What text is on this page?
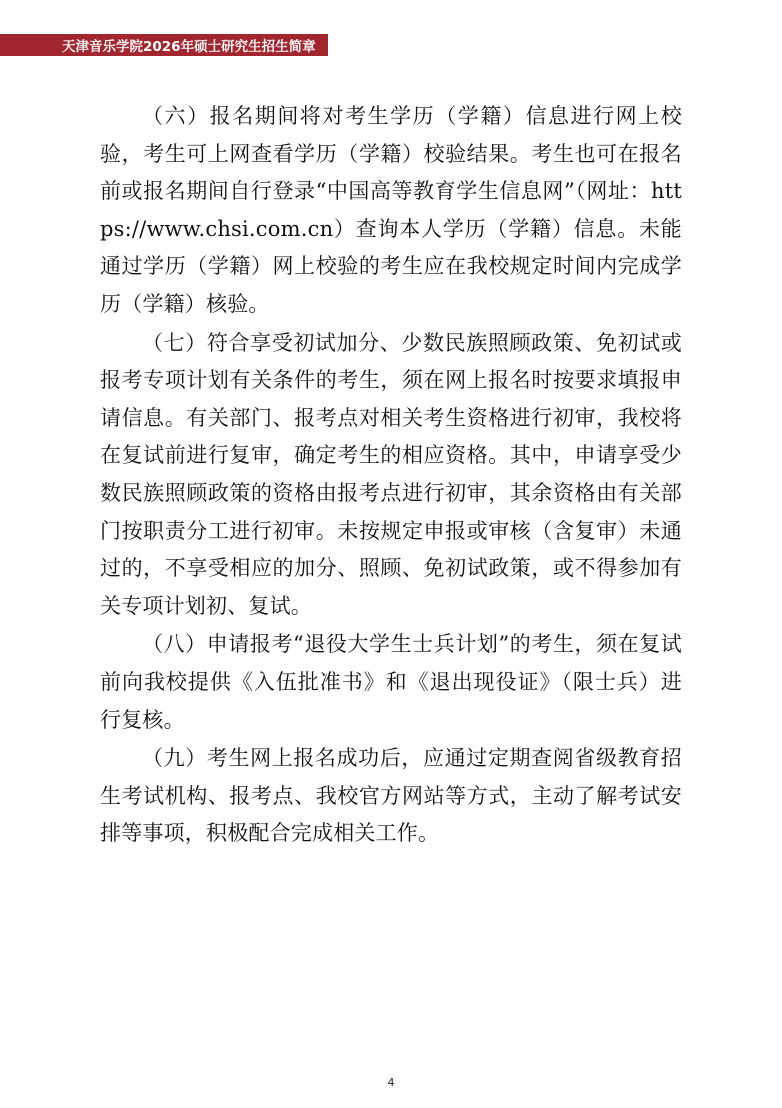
天津音乐学院2026年硕士研究生招生简章

（六）报名期间将对考生学历（学籍）信息进行网上校验，考生可上网查看学历（学籍）校验结果。考生也可在报名前或报名期间自行登录“中国高等教育学生信息网”（网址：https://www.chsi.com.cn）查询本人学历（学籍）信息。未能通过学历（学籍）网上校验的考生应在我校规定时间内完成学历（学籍）核验。

（七）符合享受初试加分、少数民族照顾政策、免初试或报考专项计划有关条件的考生，须在网上报名时按要求填报申请信息。有关部门、报考点对相关考生资格进行初审，我校将在复试前进行复审，确定考生的相应资格。其中，申请享受少数民族照顾政策的资格由报考点进行初审，其余资格由有关部门按职责分工进行初审。未按规定申报或审核（含复审）未通过的，不享受相应的加分、照顾、免初试政策，或不得参加有关专项计划初、复试。

（八）申请报考“退役大学生士兵计划”的考生，须在复试前向我校提供《入伍批准书》和《退出现役证》（限士兵）进行复核。

（九）考生网上报名成功后，应通过定期查阅省级教育招生考试机构、报考点、我校官方网站等方式，主动了解考试安排等事项，积极配合完成相关工作。

4
